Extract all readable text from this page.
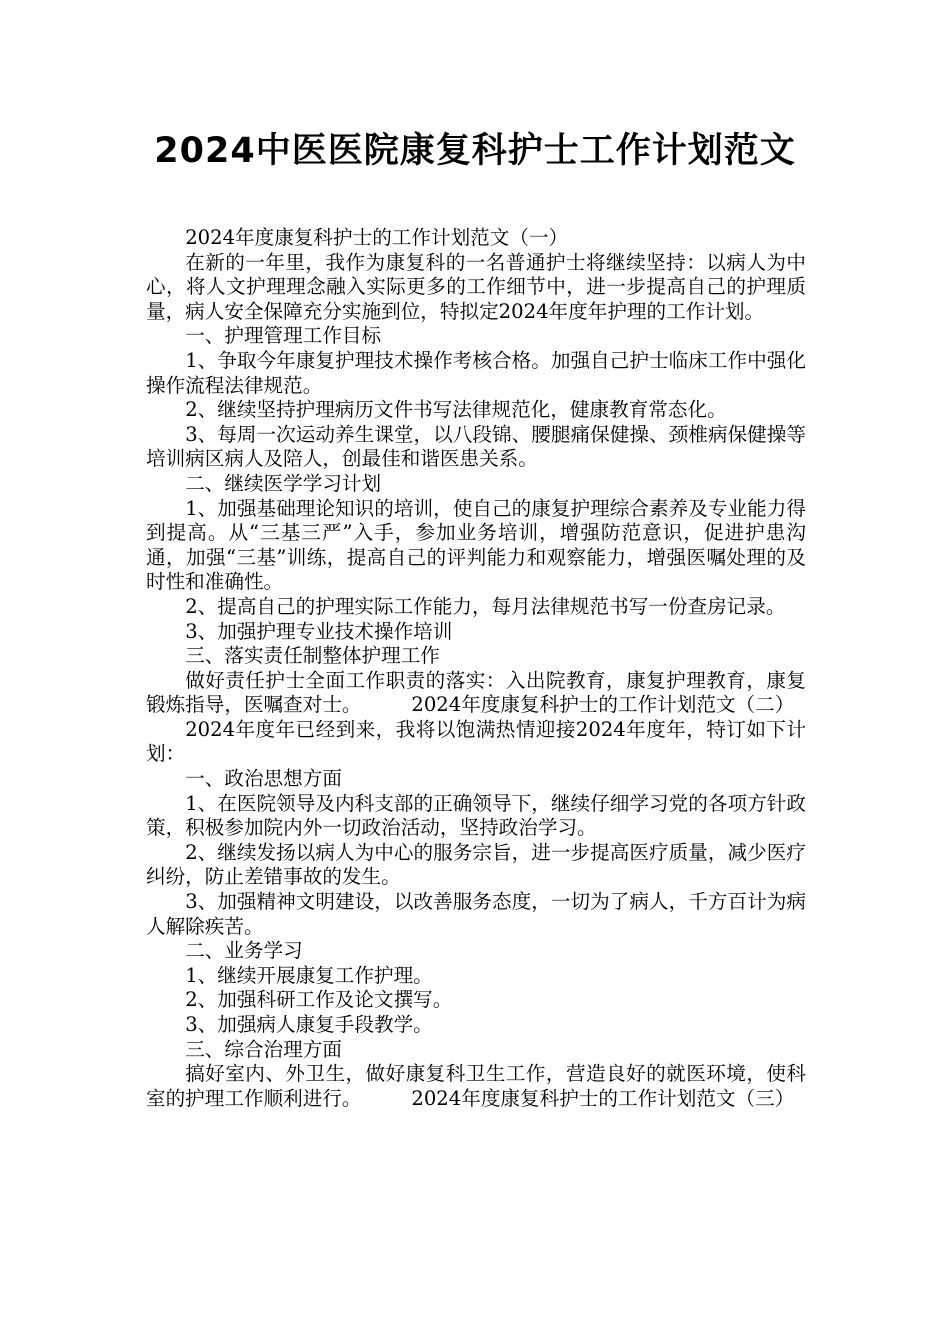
2024中医医院康复科护士工作计划范文

2024年度康复科护士的工作计划范文（一）

在新的一年里，我作为康复科的一名普通护士将继续坚持：以病人为中心，将人文护理理念融入实际更多的工作细节中，进一步提高自己的护理质量，病人安全保障充分实施到位，特拟定2024年度年护理的工作计划。

一、护理管理工作目标

1、争取今年康复护理技术操作考核合格。加强自己护士临床工作中强化操作流程法律规范。

2、继续坚持护理病历文件书写法律规范化，健康教育常态化。

3、每周一次运动养生课堂，以八段锦、腰腿痛保健操、颈椎病保健操等培训病区病人及陪人，创最佳和谐医患关系。

二、继续医学学习计划

1、加强基础理论知识的培训，使自己的康复护理综合素养及专业能力得到提高。从“三基三严”入手，参加业务培训，增强防范意识，促进护患沟通，加强“三基”训练，提高自己的评判能力和观察能力，增强医嘱处理的及时性和准确性。

2、提高自己的护理实际工作能力，每月法律规范书写一份查房记录。

3、加强护理专业技术操作培训

三、落实责任制整体护理工作

做好责任护士全面工作职责的落实：入出院教育，康复护理教育，康复锻炼指导，医嘱查对士。        2024年度康复科护士的工作计划范文（二）

2024年度年已经到来，我将以饱满热情迎接2024年度年，特订如下计划：

一、政治思想方面

1、在医院领导及内科支部的正确领导下，继续仔细学习党的各项方针政策，积极参加院内外一切政治活动，坚持政治学习。

2、继续发扬以病人为中心的服务宗旨，进一步提高医疗质量，减少医疗纠纷，防止差错事故的发生。

3、加强精神文明建设，以改善服务态度，一切为了病人，千方百计为病人解除疾苦。

二、业务学习

1、继续开展康复工作护理。

2、加强科研工作及论文撰写。

3、加强病人康复手段教学。

三、综合治理方面

搞好室内、外卫生，做好康复科卫生工作，营造良好的就医环境，使科室的护理工作顺利进行。        2024年度康复科护士的工作计划范文（三）
